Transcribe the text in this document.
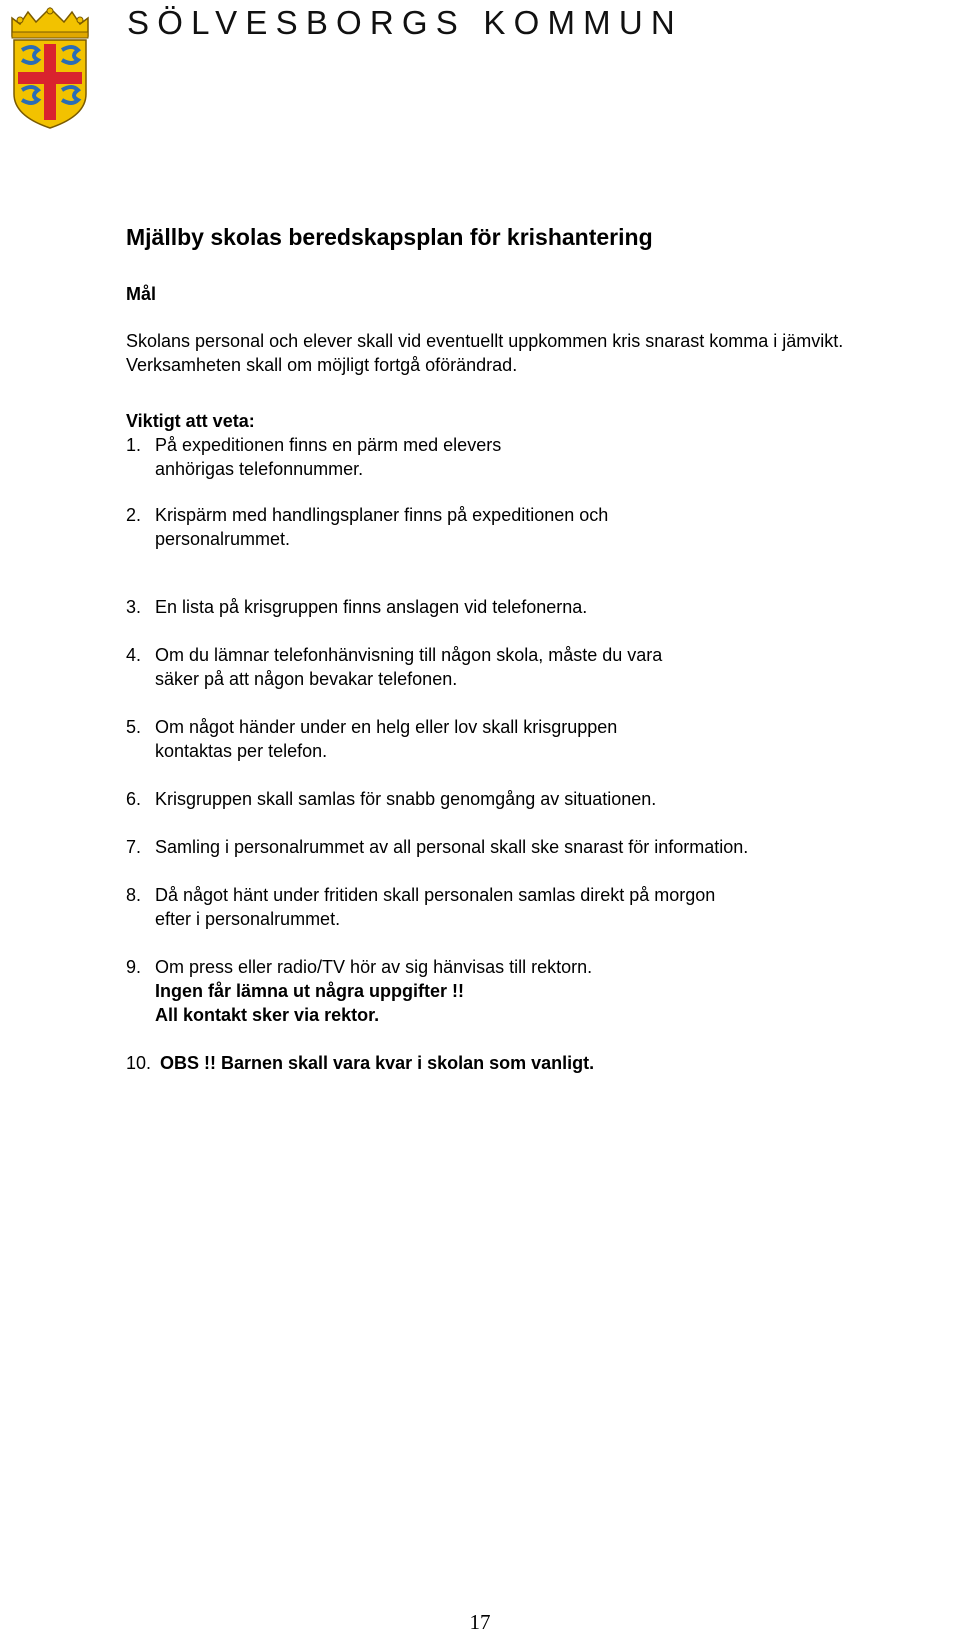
SÖLVESBORGS KOMMUN
Mjällby skolas beredskapsplan för krishantering
Mål
Skolans personal och elever skall vid eventuellt uppkommen kris snarast komma i jämvikt.
Verksamheten skall om möjligt fortgå oförändrad.
Viktigt att veta:
1. På expeditionen finns en pärm med elevers
anhörigas telefonnummer.
2. Krispärm med handlingsplaner finns på expeditionen och
personalrummet.
3. En lista på krisgruppen finns anslagen vid telefonerna.
4. Om du lämnar telefonhänvisning till någon skola, måste du vara
säker på att någon bevakar telefonen.
5. Om något händer under en helg eller lov skall krisgruppen
kontaktas per telefon.
6. Krisgruppen skall samlas för snabb genomgång av situationen.
7. Samling i personalrummet av all personal skall ske snarast för information.
8. Då något hänt under fritiden skall personalen samlas direkt på morgon
efter i personalrummet.
9. Om press eller radio/TV hör av sig hänvisas till rektorn.
Ingen får lämna ut några uppgifter !!
All kontakt sker via rektor.
10. OBS !! Barnen skall vara kvar i skolan som vanligt.
17
